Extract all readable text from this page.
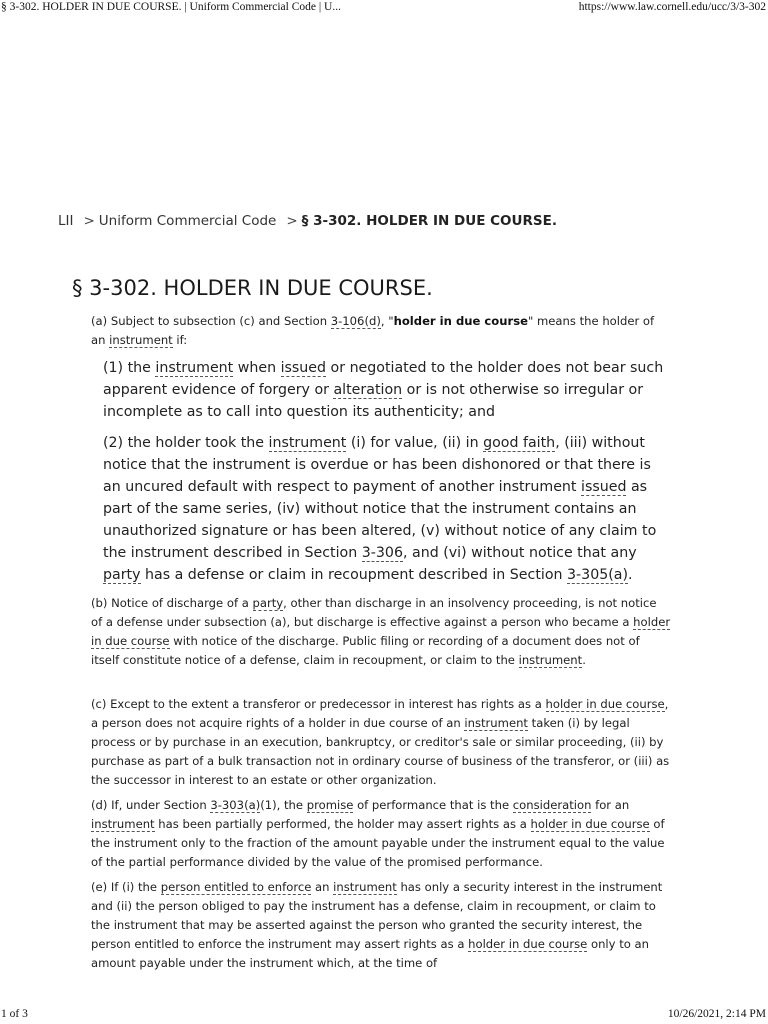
§ 3-302. HOLDER IN DUE COURSE. | Uniform Commercial Code | U...	https://www.law.cornell.edu/ucc/3/3-302
LII > Uniform Commercial Code > § 3-302. HOLDER IN DUE COURSE.
§ 3-302. HOLDER IN DUE COURSE.

(a) Subject to subsection (c) and Section 3-106(d), "holder in due course" means the holder of an instrument if:

(1) the instrument when issued or negotiated to the holder does not bear such apparent evidence of forgery or alteration or is not otherwise so irregular or incomplete as to call into question its authenticity; and

(2) the holder took the instrument (i) for value, (ii) in good faith, (iii) without notice that the instrument is overdue or has been dishonored or that there is an uncured default with respect to payment of another instrument issued as part of the same series, (iv) without notice that the instrument contains an unauthorized signature or has been altered, (v) without notice of any claim to the instrument described in Section 3-306, and (vi) without notice that any party has a defense or claim in recoupment described in Section 3-305(a).

(b) Notice of discharge of a party, other than discharge in an insolvency proceeding, is not notice of a defense under subsection (a), but discharge is effective against a person who became a holder in due course with notice of the discharge. Public filing or recording of a document does not of itself constitute notice of a defense, claim in recoupment, or claim to the instrument.

(c) Except to the extent a transferor or predecessor in interest has rights as a holder in due course, a person does not acquire rights of a holder in due course of an instrument taken (i) by legal process or by purchase in an execution, bankruptcy, or creditor's sale or similar proceeding, (ii) by purchase as part of a bulk transaction not in ordinary course of business of the transferor, or (iii) as the successor in interest to an estate or other organization.

(d) If, under Section 3-303(a)(1), the promise of performance that is the consideration for an instrument has been partially performed, the holder may assert rights as a holder in due course of the instrument only to the fraction of the amount payable under the instrument equal to the value of the partial performance divided by the value of the promised performance.

(e) If (i) the person entitled to enforce an instrument has only a security interest in the instrument and (ii) the person obliged to pay the instrument has a defense, claim in recoupment, or claim to the instrument that may be asserted against the person who granted the security interest, the person entitled to enforce the instrument may assert rights as a holder in due course only to an amount payable under the instrument which, at the time of

1 of 3	10/26/2021, 2:14 PM
